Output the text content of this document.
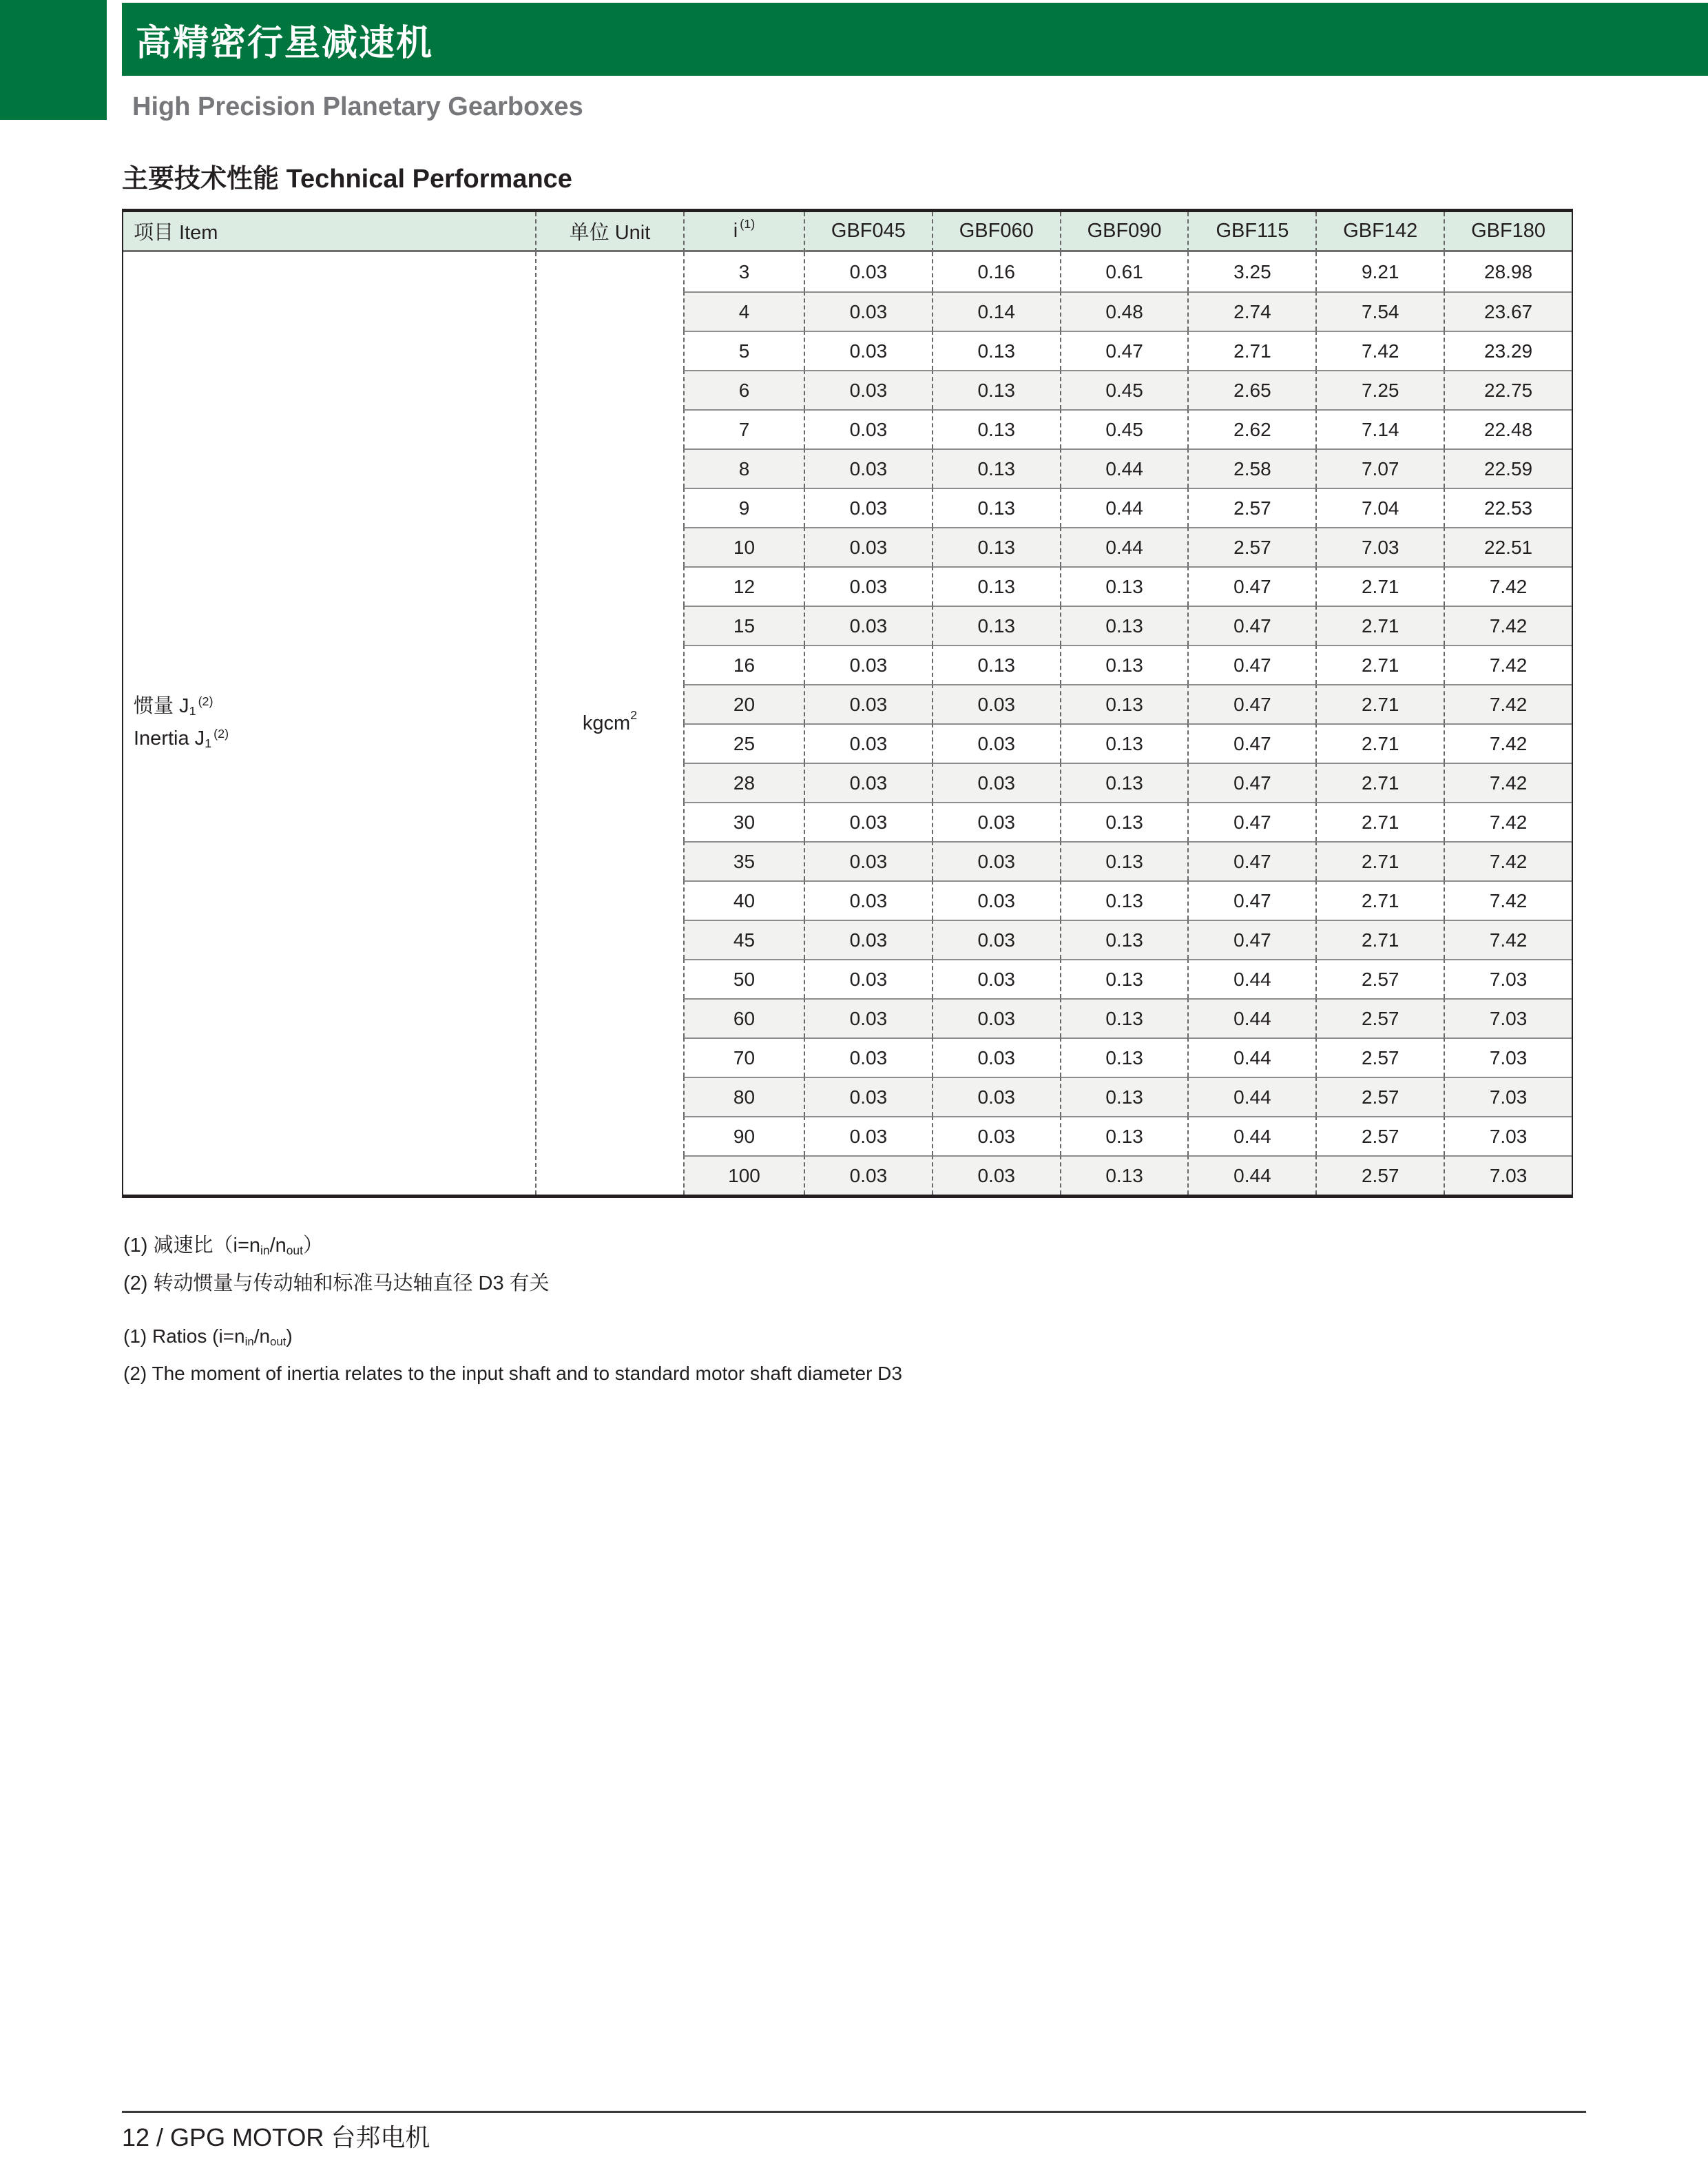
高精密行星减速机
High Precision Planetary Gearboxes
主要技术性能 Technical Performance
项目 Item	单位 Unit	i (1)	GBF045	GBF060	GBF090	GBF115	GBF142	GBF180
惯量 J1$^{(2)}$
Inertia J1$^{(2)}$	kgcm 2
3	0.03	0.16	0.61	3.25	9.21	28.98
4	0.03	0.14	0.48	2.74	7.54	23.67
5	0.03	0.13	0.47	2.71	7.42	23.29
6	0.03	0.13	0.45	2.65	7.25	22.75
7	0.03	0.13	0.45	2.62	7.14	22.48
8	0.03	0.13	0.44	2.58	7.07	22.59
9	0.03	0.13	0.44	2.57	7.04	22.53
10	0.03	0.13	0.44	2.57	7.03	22.51
12	0.03	0.13	0.13	0.47	2.71	7.42
15	0.03	0.13	0.13	0.47	2.71	7.42
16	0.03	0.13	0.13	0.47	2.71	7.42
20	0.03	0.03	0.13	0.47	2.71	7.42
25	0.03	0.03	0.13	0.47	2.71	7.42
28	0.03	0.03	0.13	0.47	2.71	7.42
30	0.03	0.03	0.13	0.47	2.71	7.42
35	0.03	0.03	0.13	0.47	2.71	7.42
40	0.03	0.03	0.13	0.47	2.71	7.42
45	0.03	0.03	0.13	0.47	2.71	7.42
50	0.03	0.03	0.13	0.44	2.57	7.03
60	0.03	0.03	0.13	0.44	2.57	7.03
70	0.03	0.03	0.13	0.44	2.57	7.03
80	0.03	0.03	0.13	0.44	2.57	7.03
90	0.03	0.03	0.13	0.44	2.57	7.03
100	0.03	0.03	0.13	0.44	2.57	7.03
(1) 减速比（i=nin/nout）
(2) 转动惯量与传动轴和标准马达轴直径 D3 有关
(1) Ratios (i=nin/nout)
(2) The moment of inertia relates to the input shaft and to standard motor shaft diameter D3
12 / GPG MOTOR 台邦电机
